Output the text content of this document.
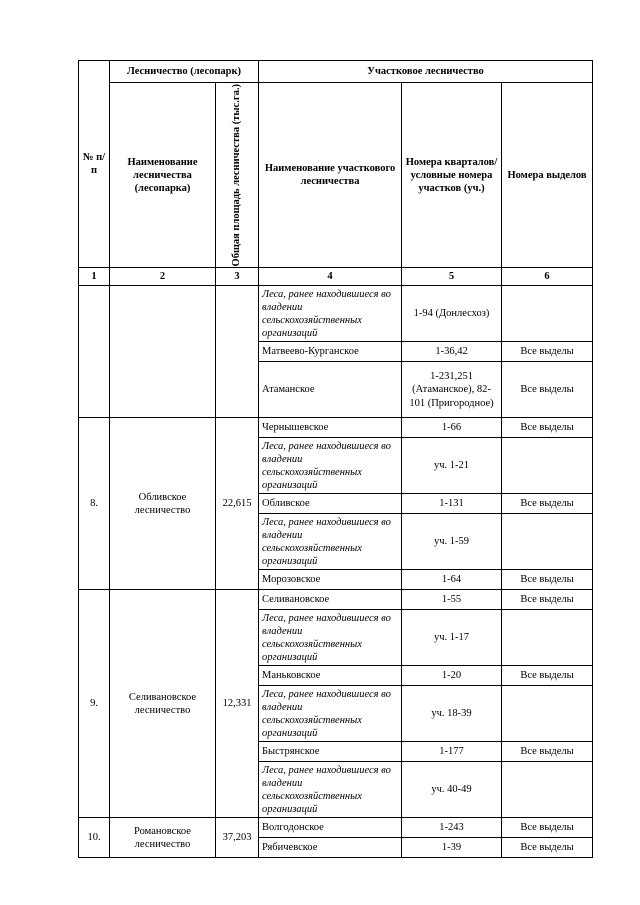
№ п/п	Лесничество (лесопарк)		Участковое лесничество		
	Наименование лесничества (лесопарка)	Общая площадь лесничества (тыс.га.)	Наименование участкового лесничества	Номера кварталов/ условные номера участков (уч.)	Номера выделов
1	2	3	4	5	6
			Леса, ранее находившиеся во владении сельскохозяйственных организаций	1-94 (Донлесхоз)	
			Матвеево-Курганское	1-36,42	Все выделы
			Атаманское	1-231,251 (Атаманское), 82-101 (Пригородное)	Все выделы
8.	Обливское лесничество	22,615	Чернышевское	1-66	Все выделы
			Леса, ранее находившиеся во владении сельскохозяйственных организаций	уч. 1-21	
			Обливское	1-131	Все выделы
			Леса, ранее находившиеся во владении сельскохозяйственных организаций	уч. 1-59	
			Морозовское	1-64	Все выделы
9.	Селивановское лесничество	12,331	Селивановское	1-55	Все выделы
			Леса, ранее находившиеся во владении сельскохозяйственных организаций	уч. 1-17	
			Маньковское	1-20	Все выделы
			Леса, ранее находившиеся во владении сельскохозяйственных организаций	уч. 18-39	
			Быстрянское	1-177	Все выделы
			Леса, ранее находившиеся во владении сельскохозяйственных организаций	уч. 40-49	
10.	Романовское лесничество	37,203	Волгодонское	1-243	Все выделы
			Рябичевское	1-39	Все выделы
